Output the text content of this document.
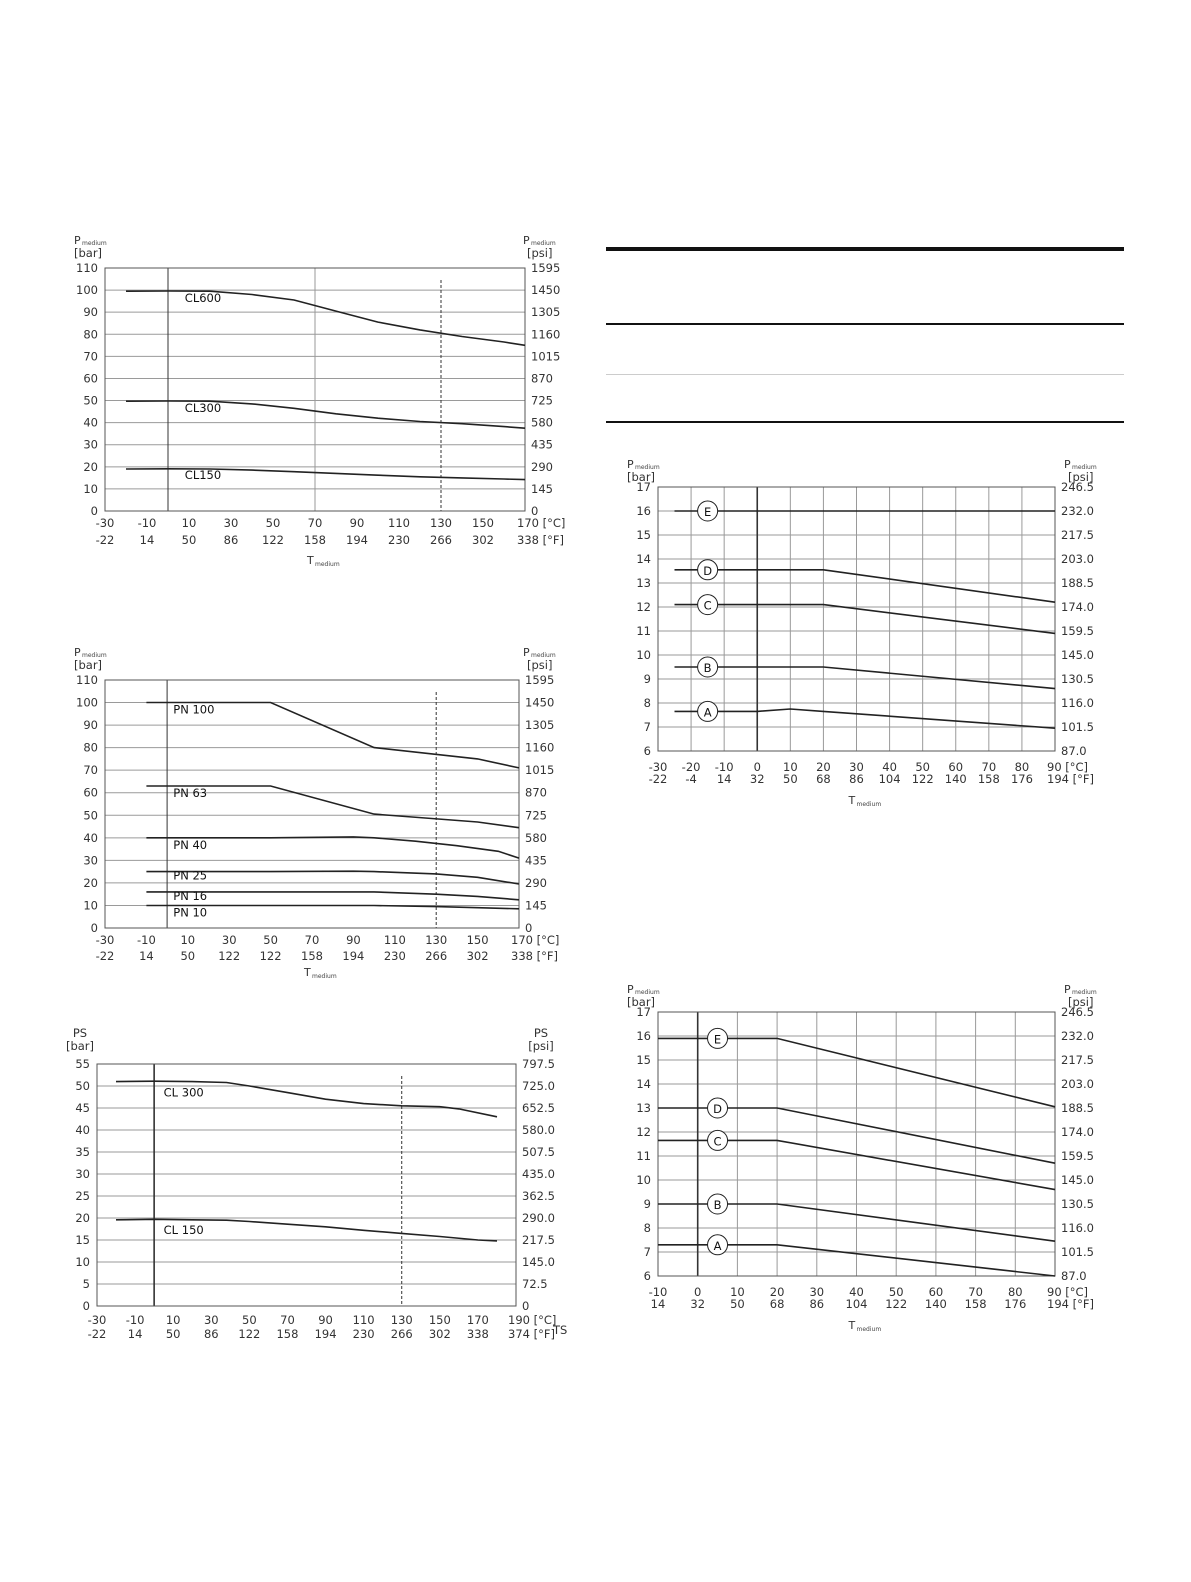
110
100
90
80
70
60
50
40
30
20
10
0
1595
1450
1305
1160
1015
870
725
580
435
290
145
0
-30 -10 10 30 50 70 90 110 130 150 170 [°C]
-22 14 50 86 122 158 194 230 266 302 338 [°F]
P medium
[bar]
P medium
[psi]
T medium
CL600
CL300
CL150
110
100
90
80
70
60
50
40
30
20
10
0
1595
1450
1305
1160
1015
870
725
580
435
290
145
0
-30 -10 10 30 50 70 90 110 130 150 170 [°C]
-22 14 50 122 122 158 194 230 266 302 338 [°F]
P medium
[bar]
P medium
[psi]
T medium
PN 100
PN 63
PN 40
PN 25
PN 16
PN 10
55
50
45
40
35
30
25
20
15
10
5
0
797.5
725.0
652.5
580.0
507.5
435.0
362.5
290.0
217.5
145.0
72.5
0
-30 -10 10 30 50 70 90 110 130 150 170 190 [°C]
-22 14 50 86 122 158 194 230 266 302 338 374 [°F]
PS
[bar]
PS
[psi]
TS
CL 300
CL 150
17
16
15
14
13
12
11
10
9
8
7
6
246.5
232.0
217.5
203.0
188.5
174.0
159.5
145.0
130.5
116.0
101.5
87.0
-30 -20 -10 0 10 20 30 40 50 60 70 80 90 [°C]
-22 -4 14 32 50 68 86 104 122 140 158 176 194 [°F]
P medium
[bar]
P medium
[psi]
T medium
E
D
C
B
A
17
16
15
14
13
12
11
10
9
8
7
6
246.5
232.0
217.5
203.0
188.5
174.0
159.5
145.0
130.5
116.0
101.5
87.0
-10 0 10 20 30 40 50 60 70 80 90 [°C]
14 32 50 68 86 104 122 140 158 176 194 [°F]
P medium
[bar]
P medium
[psi]
T medium
E
D
C
B
A
